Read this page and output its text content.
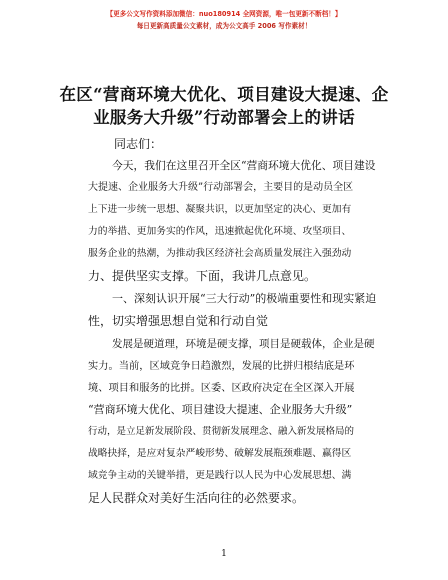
【更多公文写作资料添加微信：nuo180914 全网资源，唯一包更新不断档！】
每日更新高质量公文素材，成为公文高手 2006 写作素材！
在区“营商环境大优化、项目建设大提速、企
业服务大升级”行动部署会上的讲话
同志们：
今天，我们在这里召开全区“营商环境大优化、项目建设
大提速、企业服务大升级”行动部署会，主要目的是动员全区
上下进一步统一思想、凝聚共识，以更加坚定的决心、更加有
力的举措、更加务实的作风，迅速掀起优化环境、攻坚项目、
服务企业的热潮，为推动我区经济社会高质量发展注入强劲动
力、提供坚实支撑。下面，我讲几点意见。
一、深刻认识开展“三大行动”的极端重要性和现实紧迫
性，切实增强思想自觉和行动自觉
发展是硬道理，环境是硬支撑，项目是硬载体，企业是硬
实力。当前，区域竞争日趋激烈，发展的比拼归根结底是环
境、项目和服务的比拼。区委、区政府决定在全区深入开展
“营商环境大优化、项目建设大提速、企业服务大升级”
行动，是立足新发展阶段、贯彻新发展理念、融入新发展格局的
战略抉择，是应对复杂严峻形势、破解发展瓶颈难题、赢得区
域竞争主动的关键举措，更是践行以人民为中心发展思想、满
足人民群众对美好生活向往的必然要求。
1
